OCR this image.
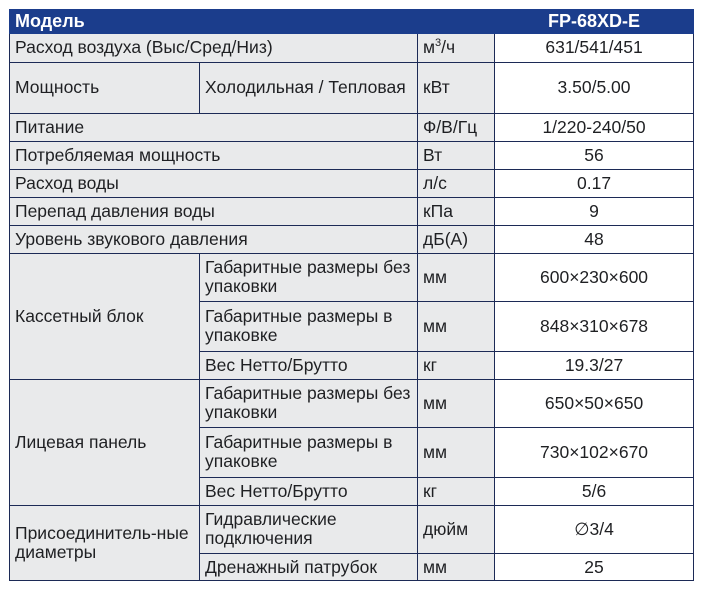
Модель			FP-68XD-E
Расход воздуха (Выс/Сред/Низ)		$м^3/ч$	631/541/451
Мощность	Холодильная / Тепловая	кВт	3.50/5.00
Питание		Ф/В/Гц	1/220-240/50
Потребляемая мощность		Вт	56
Расход воды		л/с	0.17
Перепад давления воды		кПа	9
Уровень звукового давления		дБ(А)	48
Кассетный блок	Габаритные размеры без упаковки	мм	600×230×600
	Габаритные размеры в упаковке	мм	848×310×678
	Вес Нетто/Брутто	кг	19.3/27
Лицевая панель	Габаритные размеры без упаковки	мм	650×50×650
	Габаритные размеры в упаковке	мм	730×102×670
	Вес Нетто/Брутто	кг	5/6
Присоединитель-ные диаметры	Гидравлические подключения	дюйм	∅3/4
	Дренажный патрубок	мм	25
